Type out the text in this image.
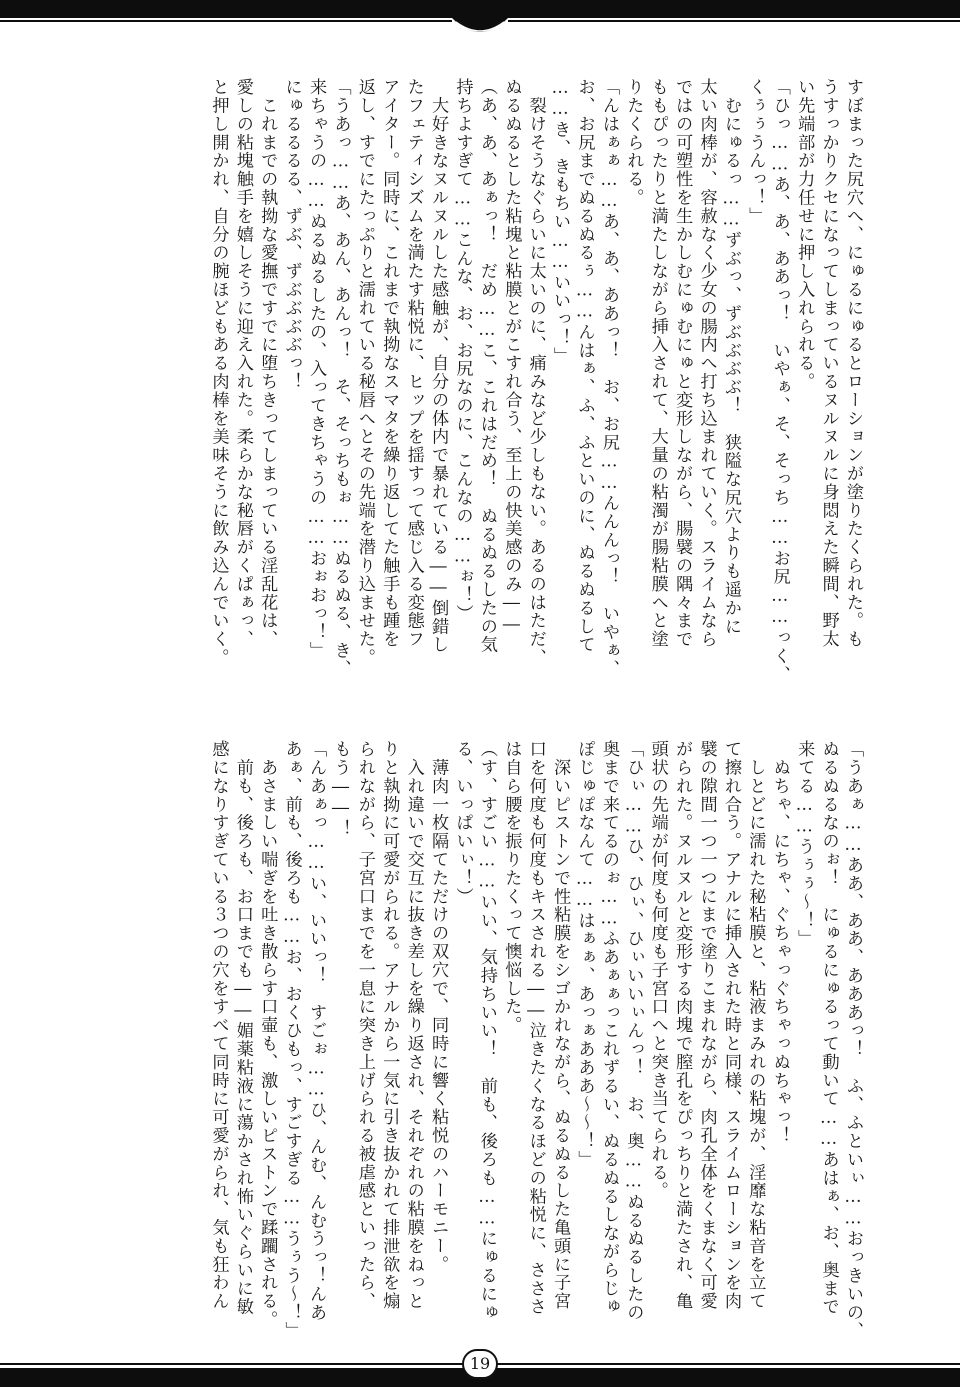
すぼまった尻穴へ、にゅるにゅるとローションが塗りたくられた。も

うすっかりクセになってしまっているヌルヌルに身悶えた瞬間、野太

い先端部が力任せに押し入れられる。

「ひっ……あ、あ、ああっ！　いやぁ、そ、そっち……お尻……っく、

くぅぅうんっ！」

　むにゅるっ……ずぶっ、ずぶぶぶぶ！　狭隘な尻穴よりも遥かに

太い肉棒が、容赦なく少女の腸内へ打ち込まれていく。スライムなら

ではの可塑性を生かしむにゅむにゅと変形しながら、腸襞の隅々まで

ももぴったりと満たしながら挿入されて、大量の粘濁が腸粘膜へと塗

りたくられる。

「んはぁぁ……あ、あ、ああっ！　お、お尻……んんんっ！　いやぁ、

お、お尻までぬるぬるぅ……んはぁ、ふ、ふといのに、ぬるぬるして

……き、きもちい……いいっ！」

　裂けそうなぐらいに太いのに、痛みなど少しもない。あるのはただ、

ぬるぬるとした粘塊と粘膜とがこすれ合う、至上の快美感のみ――

（あ、あ、あぁっ！　だめ……こ、これはだめ！　ぬるぬるしたの気

持ちよすぎて……こんな、お、お尻なのに、こんなの……ぉ！）

　大好きなヌルヌルした感触が、自分の体内で暴れている――倒錯し

たフェティシズムを満たす粘悦に、ヒップを揺すって感じ入る変態フ

アイター。同時に、これまで執拗なスマタを繰り返してた触手も踵を

返し、すでにたっぷりと濡れている秘唇へとその先端を潜り込ませた。

「うあっ……あ、あん、あんっ！　そ、そっちもぉ……ぬるぬる、き、

来ちゃうの……ぬるぬるしたの、入ってきちゃうの……おぉおっ！」

にゅるるるる、ずぶ、ずぶぶぶぶっ！

　これまでの執拗な愛撫ですでに堕ちきってしまっている淫乱花は、

愛しの粘塊触手を嬉しそうに迎え入れた。柔らかな秘唇がくぱぁっ、

と押し開かれ、自分の腕ほどもある肉棒を美味そうに飲み込んでいく。

「うあぁ……ああ、ああ、あああっ！　ふ、ふといぃ……おっきいの、

ぬるぬるなのぉ！　にゅるにゅるって動いて……あはぁ、お、奥まで

来てる……うぅぅ～！」

　ぬちゃ、にちゃ、ぐちゃっぐちゃっぬちゃっ！

　しとどに濡れた秘粘膜と、粘液まみれの粘塊が、淫靡な粘音を立て

て擦れ合う。アナルに挿入された時と同様、スライムローションを肉

襞の隙間一つ一つにまで塗りこまれながら、肉孔全体をくまなく可愛

がられた。ヌルヌルと変形する肉塊で膣孔をぴっちりと満たされ、亀

頭状の先端が何度も何度も子宮口へと突き当てられる。

「ひぃ……ひ、ひぃ、ひぃいいぃんっ！　お、奥……ぬるぬるしたの

奥まで来てるのぉ……ふあぁぁっこれずるい、ぬるぬるしながらじゅ

ぽじゅぽなんて……はぁぁ、あっぁあああ～～！」

　深いピストンで性粘膜をシゴかれながら、ぬるぬるした亀頭に子宮

口を何度も何度もキスされる――泣きたくなるほどの粘悦に、さささ

は自ら腰を振りたくって懊悩した。

（す、すごい……いい、気持ちいい！　前も、後ろも……にゅるにゅ

る、いっぱいぃ！）

　薄肉一枚隔てただけの双穴で、同時に響く粘悦のハーモニー。

　入れ違いで交互に抜き差しを繰り返され、それぞれの粘膜をねっと

りと執拗に可愛がられる。アナルから一気に引き抜かれて排泄欲を煽

られながら、子宮口までを一息に突き上げられる被虐感といったら、

もう――！

「んあぁっ……い、いいっ！　すごぉ……ひ、んむ、んむうっ！んあ

あぁ、前も、後ろも……お、おくひもっ、すごすぎる……うぅう～！」

　あさましい喘ぎを吐き散らす口壷も、激しいピストンで蹂躙される。

　前も、後ろも、お口までも――媚薬粘液に蕩かされ怖いぐらいに敏

感になりすぎている３つの穴をすべて同時に可愛がられ、気も狂わん

19
